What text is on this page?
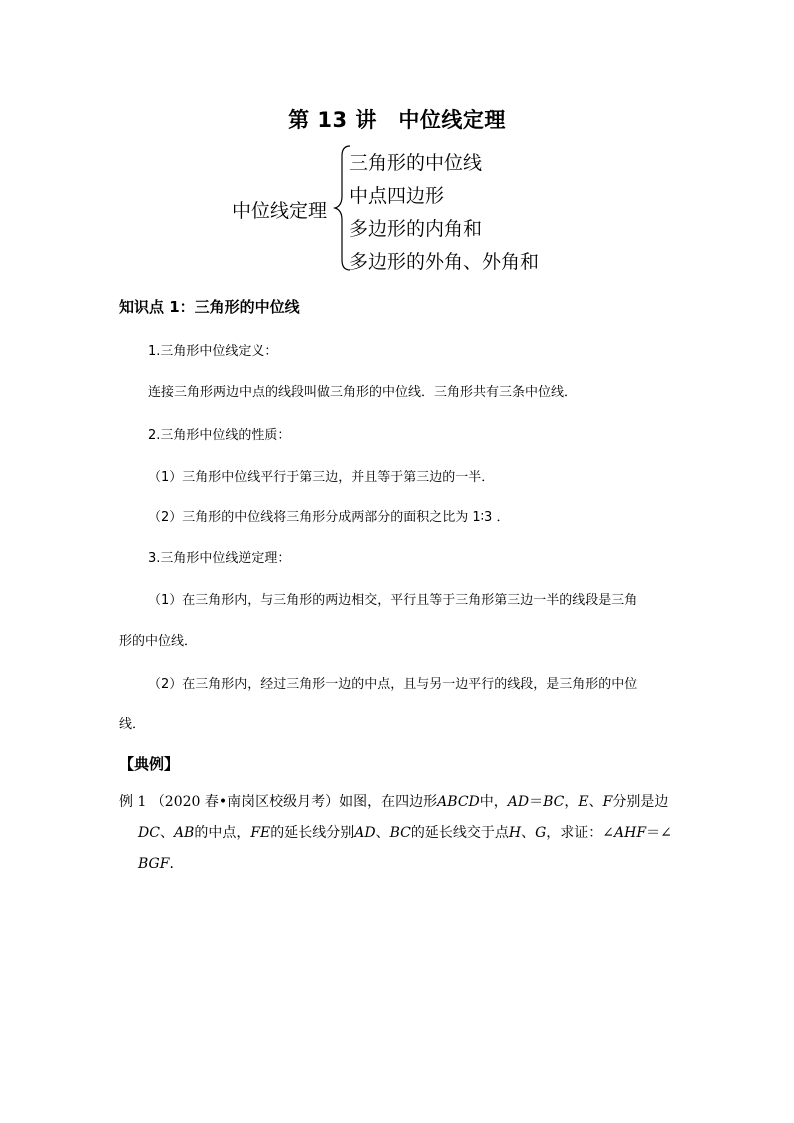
第 13 讲　中位线定理
中位线定理
三角形的中位线
中点四边形
多边形的内角和
多边形的外角、外角和
知识点 1：三角形的中位线
1.三角形中位线定义：
连接三角形两边中点的线段叫做三角形的中位线．三角形共有三条中位线．
2.三角形中位线的性质：
（1）三角形中位线平行于第三边，并且等于第三边的一半．
（2）三角形的中位线将三角形分成两部分的面积之比为 1∶3 ．
3.三角形中位线逆定理：
（1）在三角形内，与三角形的两边相交，平行且等于三角形第三边一半的线段是三角
形的中位线．
（2）在三角形内，经过三角形一边的中点，且与另一边平行的线段，是三角形的中位
线．
【典例】
例 1 （2020 春•南岗区校级月考）如图，在四边形ABCD中，AD＝BC，E、F分别是边
DC、AB的中点，FE的延长线分别AD、BC的延长线交于点H、G，求证：∠AHF＝∠
BGF．
